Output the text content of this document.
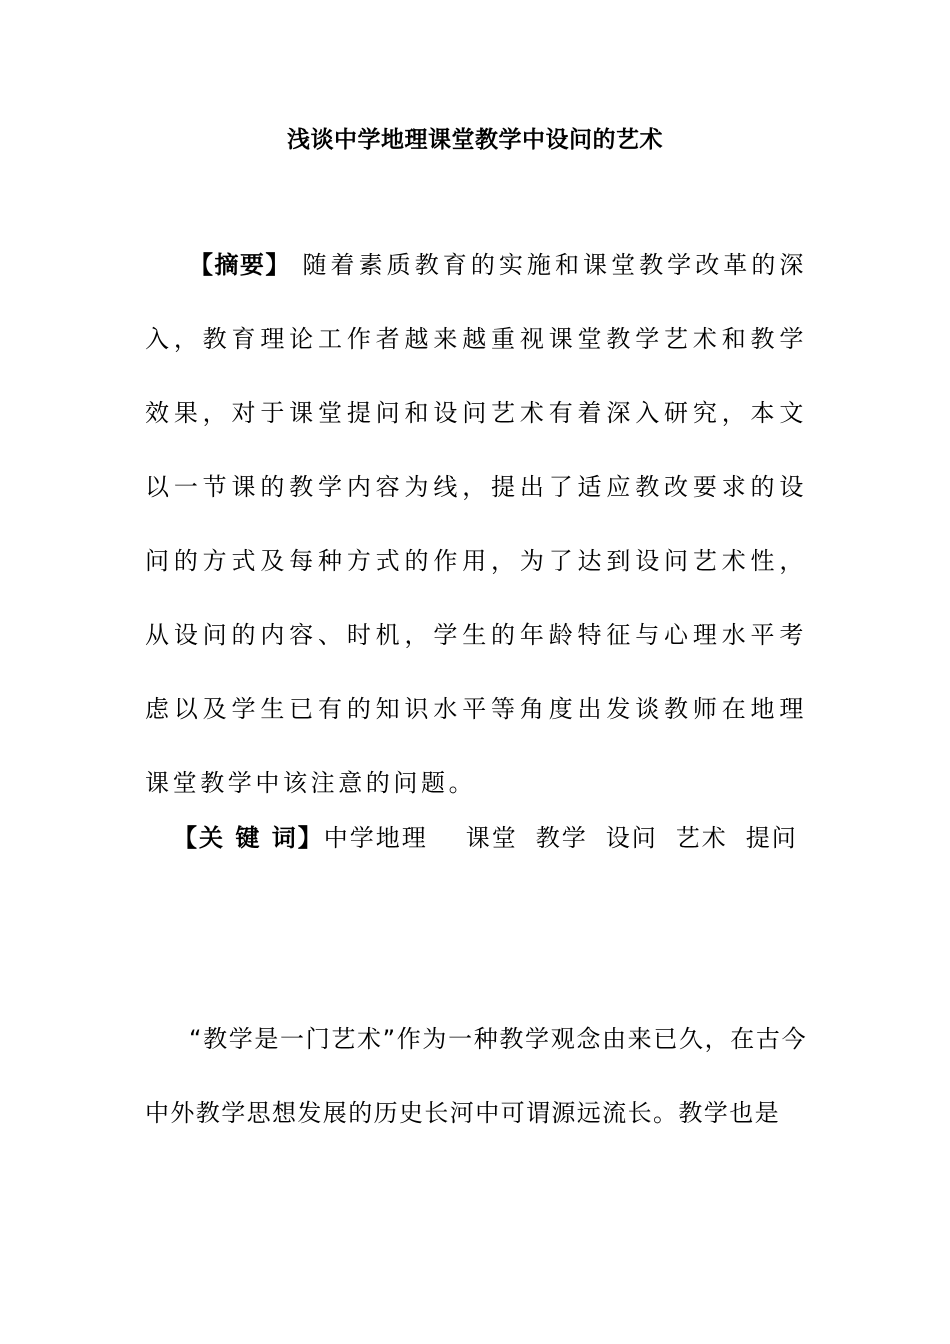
浅谈中学地理课堂教学中设问的艺术
【摘要】 随着素质教育的实施和课堂教学改革的深入，教育理论工作者越来越重视课堂教学艺术和教学效果，对于课堂提问和设问艺术有着深入研究，本文以一节课的教学内容为线，提出了适应教改要求的设问的方式及每种方式的作用，为了达到设问艺术性，从设问的内容、时机，学生的年龄特征与心理水平考虑以及学生已有的知识水平等角度出发谈教师在地理课堂教学中该注意的问题。
【关 键 词】中学地理 课堂 教学 设问 艺术 提问
“教学是一门艺术”作为一种教学观念由来已久，在古今中外教学思想发展的历史长河中可谓源远流长。教学也是
